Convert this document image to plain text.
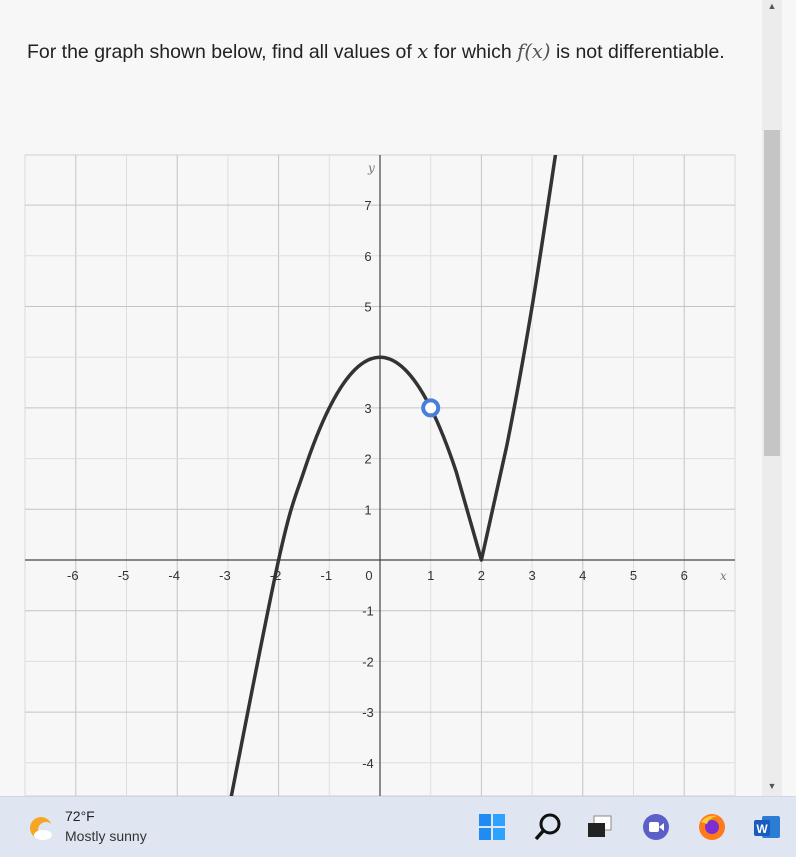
For the graph shown below, find all values of x for which f(x) is not differentiable.
-6	-5	-4	-3	-2	-1	0	1	2	3	4	5	6
-4
-3
-2
-1
1
2
3
5
6
7
x
y
▲
▼
72°F
Mostly sunny	W
